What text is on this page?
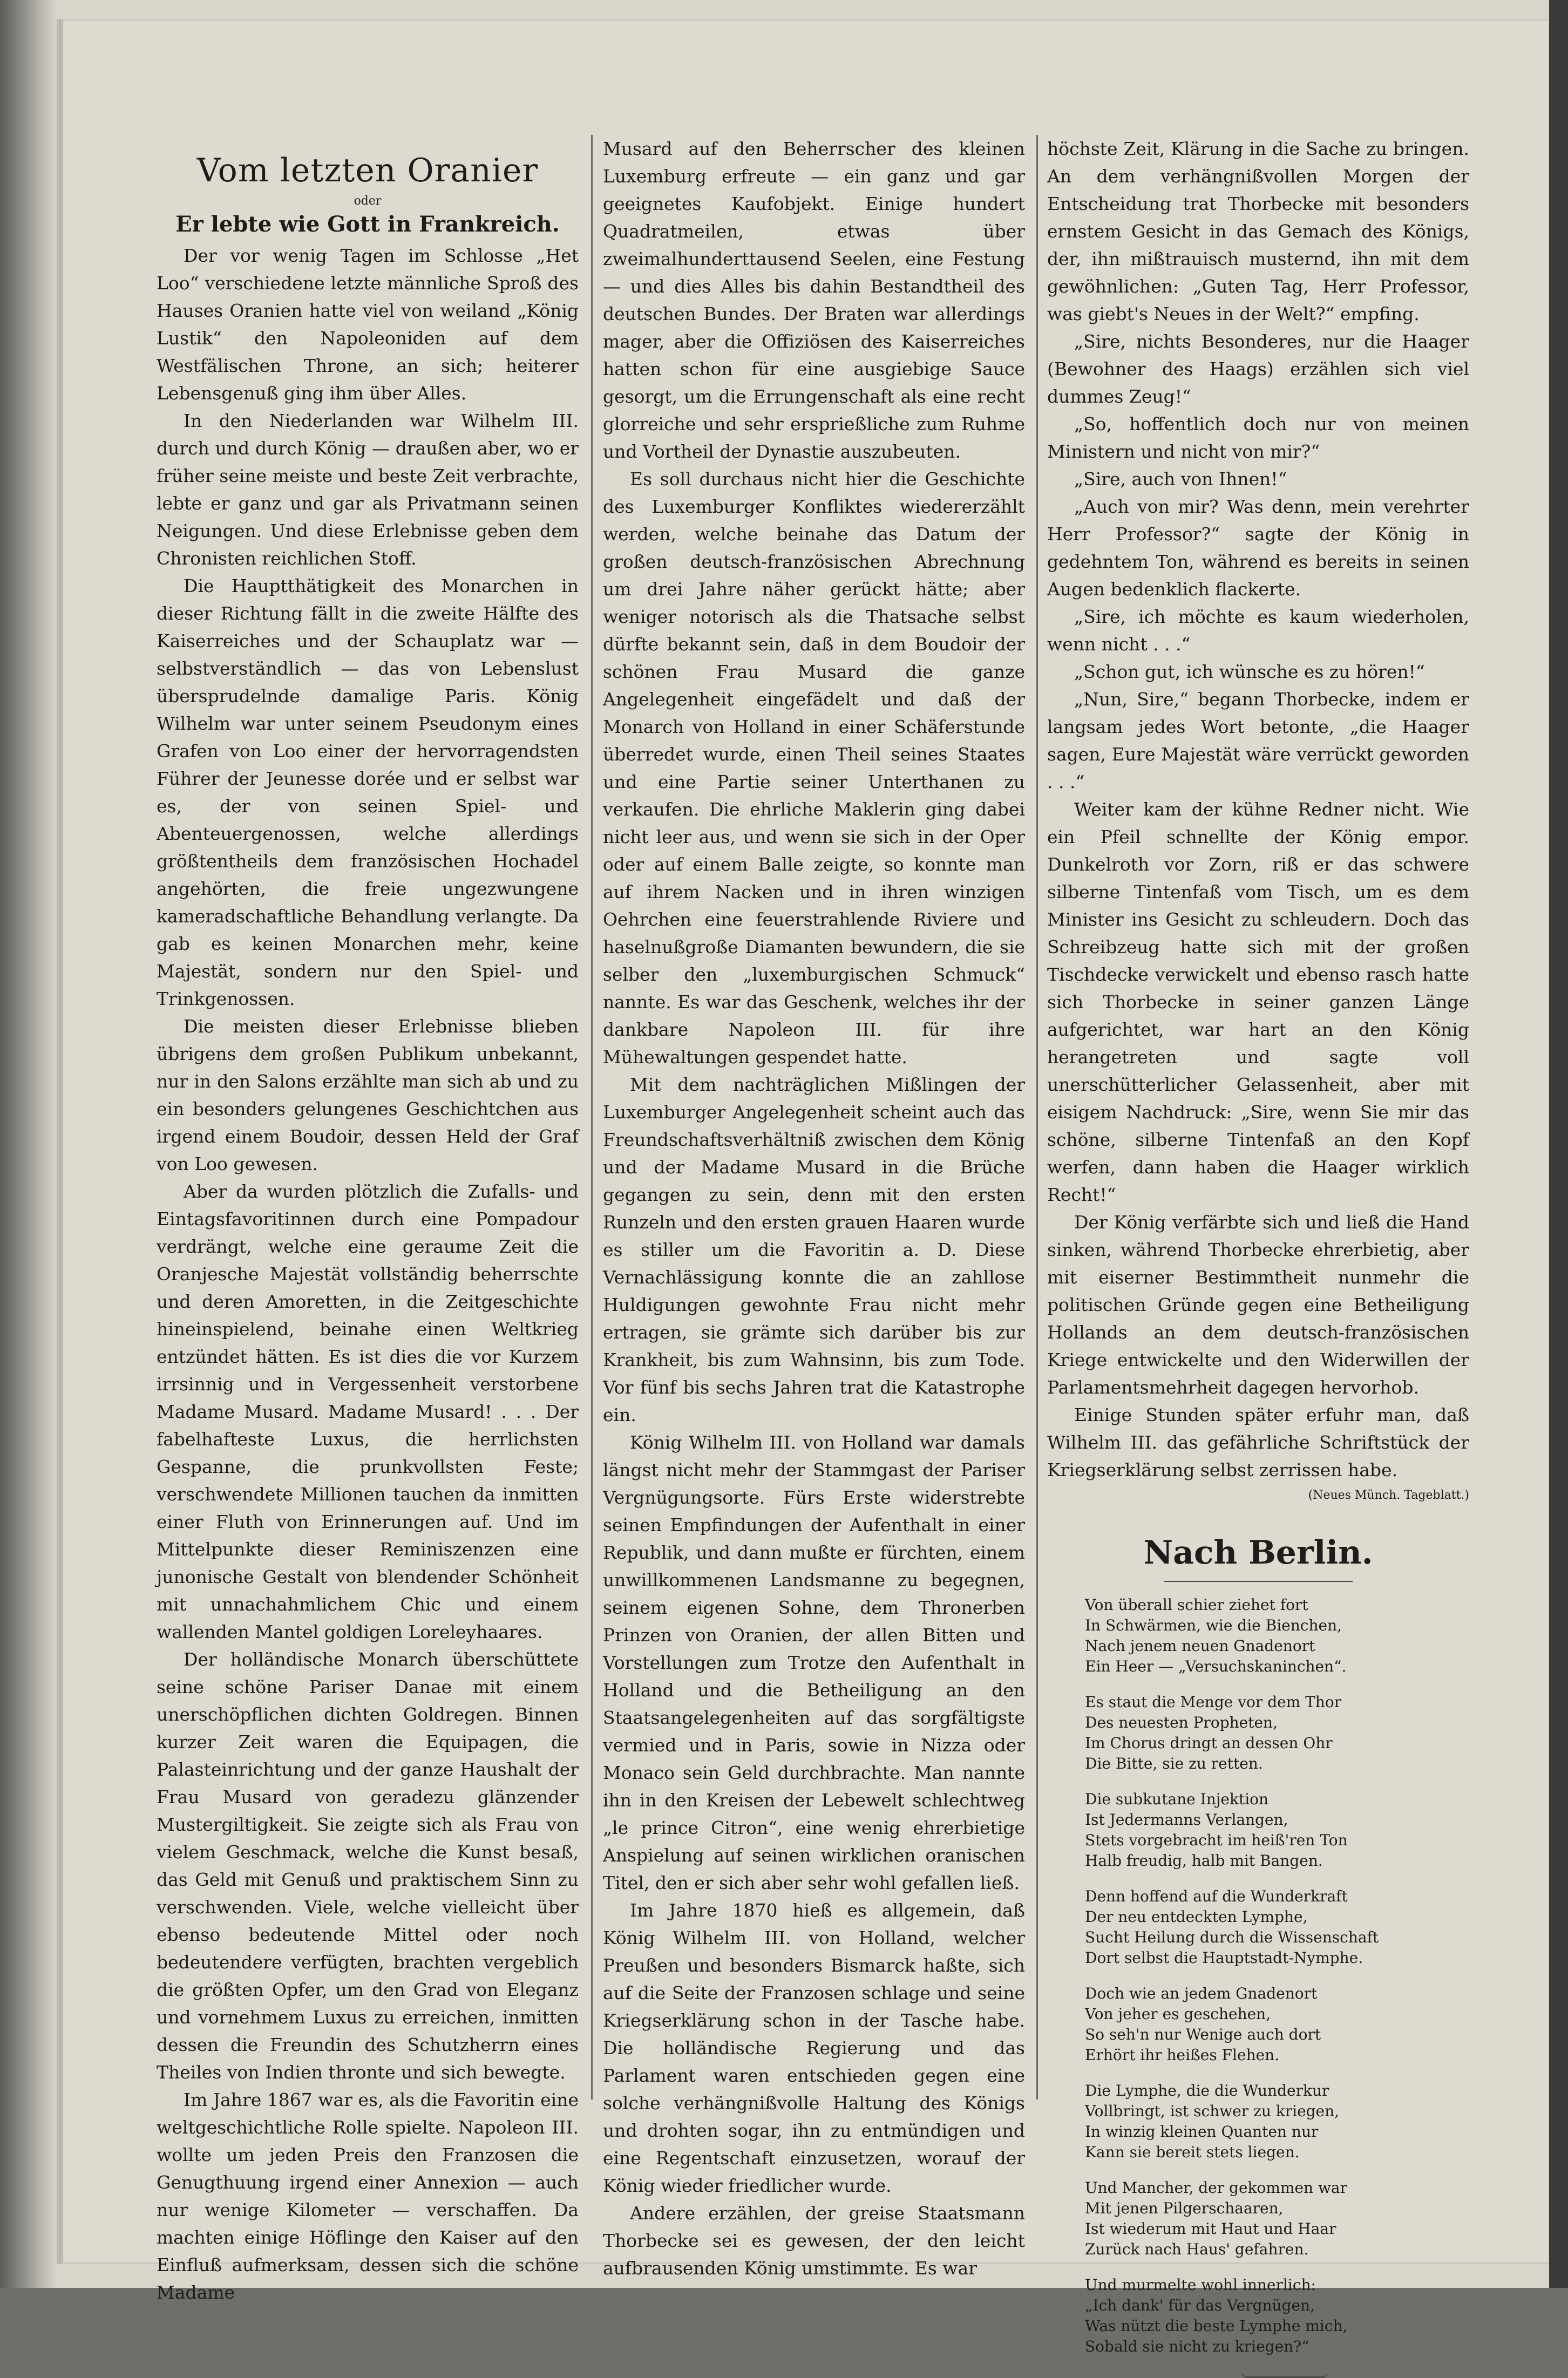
Vom letzten Oranier
oder
Er lebte wie Gott in Frankreich.

Der vor wenig Tagen im Schlosse „Het Loo“ verschiedene letzte männliche Sproß des Hauses Oranien hatte viel von weiland „König Lustik“ den Napoleoniden auf dem Westfälischen Throne, an sich; heiterer Lebensgenuß ging ihm über Alles.

In den Niederlanden war Wilhelm III. durch und durch König — draußen aber, wo er früher seine meiste und beste Zeit verbrachte, lebte er ganz und gar als Privatmann seinen Neigungen. Und diese Erlebnisse geben dem Chronisten reichlichen Stoff.

Die Hauptthätigkeit des Monarchen in dieser Richtung fällt in die zweite Hälfte des Kaiserreiches und der Schauplatz war — selbstverständlich — das von Lebenslust übersprudelnde damalige Paris. König Wilhelm war unter seinem Pseudonym eines Grafen von Loo einer der hervorragendsten Führer der Jeunesse dorée und er selbst war es, der von seinen Spiel- und Abenteuergenossen, welche allerdings größtentheils dem französischen Hochadel angehörten, die freie ungezwungene kameradschaftliche Behandlung verlangte. Da gab es keinen Monarchen mehr, keine Majestät, sondern nur den Spiel- und Trinkgenossen.

Die meisten dieser Erlebnisse blieben übrigens dem großen Publikum unbekannt, nur in den Salons erzählte man sich ab und zu ein besonders gelungenes Geschichtchen aus irgend einem Boudoir, dessen Held der Graf von Loo gewesen.

Aber da wurden plötzlich die Zufalls- und Eintagsfavoritinnen durch eine Pompadour verdrängt, welche eine geraume Zeit die Oranjesche Majestät vollständig beherrschte und deren Amoretten, in die Zeitgeschichte hineinspielend, beinahe einen Weltkrieg entzündet hätten. Es ist dies die vor Kurzem irrsinnig und in Vergessenheit verstorbene Madame Musard. Madame Musard! . . . Der fabelhafteste Luxus, die herrlichsten Gespanne, die prunkvollsten Feste; verschwendete Millionen tauchen da inmitten einer Fluth von Erinnerungen auf. Und im Mittelpunkte dieser Reminiszenzen eine junonische Gestalt von blendender Schönheit mit unnachahmlichem Chic und einem wallenden Mantel goldigen Loreleyhaares.

Der holländische Monarch überschüttete seine schöne Pariser Danae mit einem unerschöpflichen dichten Goldregen. Binnen kurzer Zeit waren die Equipagen, die Palasteinrichtung und der ganze Haushalt der Frau Musard von geradezu glänzender Mustergiltigkeit. Sie zeigte sich als Frau von vielem Geschmack, welche die Kunst besaß, das Geld mit Genuß und praktischem Sinn zu verschwenden. Viele, welche vielleicht über ebenso bedeutende Mittel oder noch bedeutendere verfügten, brachten vergeblich die größten Opfer, um den Grad von Eleganz und vornehmem Luxus zu erreichen, inmitten dessen die Freundin des Schutzherrn eines Theiles von Indien thronte und sich bewegte.

Im Jahre 1867 war es, als die Favoritin eine weltgeschichtliche Rolle spielte. Napoleon III. wollte um jeden Preis den Franzosen die Genugthuung irgend einer Annexion — auch nur wenige Kilometer — verschaffen. Da machten einige Höflinge den Kaiser auf den Einfluß aufmerksam, dessen sich die schöne Madame

Musard auf den Beherrscher des kleinen Luxemburg erfreute — ein ganz und gar geeignetes Kaufobjekt. Einige hundert Quadratmeilen, etwas über zweimalhunderttausend Seelen, eine Festung — und dies Alles bis dahin Bestandtheil des deutschen Bundes. Der Braten war allerdings mager, aber die Offiziösen des Kaiserreiches hatten schon für eine ausgiebige Sauce gesorgt, um die Errungenschaft als eine recht glorreiche und sehr ersprießliche zum Ruhme und Vortheil der Dynastie auszubeuten.

Es soll durchaus nicht hier die Geschichte des Luxemburger Konfliktes wiedererzählt werden, welche beinahe das Datum der großen deutsch-französischen Abrechnung um drei Jahre näher gerückt hätte; aber weniger notorisch als die Thatsache selbst dürfte bekannt sein, daß in dem Boudoir der schönen Frau Musard die ganze Angelegenheit eingefädelt und daß der Monarch von Holland in einer Schäferstunde überredet wurde, einen Theil seines Staates und eine Partie seiner Unterthanen zu verkaufen. Die ehrliche Maklerin ging dabei nicht leer aus, und wenn sie sich in der Oper oder auf einem Balle zeigte, so konnte man auf ihrem Nacken und in ihren winzigen Oehrchen eine feuerstrahlende Riviere und haselnußgroße Diamanten bewundern, die sie selber den „luxemburgischen Schmuck“ nannte. Es war das Geschenk, welches ihr der dankbare Napoleon III. für ihre Mühewaltungen gespendet hatte.

Mit dem nachträglichen Mißlingen der Luxemburger Angelegenheit scheint auch das Freundschaftsverhältniß zwischen dem König und der Madame Musard in die Brüche gegangen zu sein, denn mit den ersten Runzeln und den ersten grauen Haaren wurde es stiller um die Favoritin a. D. Diese Vernachlässigung konnte die an zahllose Huldigungen gewohnte Frau nicht mehr ertragen, sie grämte sich darüber bis zur Krankheit, bis zum Wahnsinn, bis zum Tode. Vor fünf bis sechs Jahren trat die Katastrophe ein.

König Wilhelm III. von Holland war damals längst nicht mehr der Stammgast der Pariser Vergnügungsorte. Fürs Erste widerstrebte seinen Empfindungen der Aufenthalt in einer Republik, und dann mußte er fürchten, einem unwillkommenen Landsmanne zu begegnen, seinem eigenen Sohne, dem Thronerben Prinzen von Oranien, der allen Bitten und Vorstellungen zum Trotze den Aufenthalt in Holland und die Betheiligung an den Staatsangelegenheiten auf das sorgfältigste vermied und in Paris, sowie in Nizza oder Monaco sein Geld durchbrachte. Man nannte ihn in den Kreisen der Lebewelt schlechtweg „le prince Citron“, eine wenig ehrerbietige Anspielung auf seinen wirklichen oranischen Titel, den er sich aber sehr wohl gefallen ließ.

Im Jahre 1870 hieß es allgemein, daß König Wilhelm III. von Holland, welcher Preußen und besonders Bismarck haßte, sich auf die Seite der Franzosen schlage und seine Kriegserklärung schon in der Tasche habe. Die holländische Regierung und das Parlament waren entschieden gegen eine solche verhängnißvolle Haltung des Königs und drohten sogar, ihn zu entmündigen und eine Regentschaft einzusetzen, worauf der König wieder friedlicher wurde.

Andere erzählen, der greise Staatsmann Thorbecke sei es gewesen, der den leicht aufbrausenden König umstimmte. Es war

höchste Zeit, Klärung in die Sache zu bringen. An dem verhängnißvollen Morgen der Entscheidung trat Thorbecke mit besonders ernstem Gesicht in das Gemach des Königs, der, ihn mißtrauisch musternd, ihn mit dem gewöhnlichen: „Guten Tag, Herr Professor, was giebt's Neues in der Welt?“ empfing.

„Sire, nichts Besonderes, nur die Haager (Bewohner des Haags) erzählen sich viel dummes Zeug!“

„So, hoffentlich doch nur von meinen Ministern und nicht von mir?“

„Sire, auch von Ihnen!“

„Auch von mir? Was denn, mein verehrter Herr Professor?“ sagte der König in gedehntem Ton, während es bereits in seinen Augen bedenklich flackerte.

„Sire, ich möchte es kaum wiederholen, wenn nicht . . .“

„Schon gut, ich wünsche es zu hören!“

„Nun, Sire,“ begann Thorbecke, indem er langsam jedes Wort betonte, „die Haager sagen, Eure Majestät wäre verrückt geworden . . .“

Weiter kam der kühne Redner nicht. Wie ein Pfeil schnellte der König empor. Dunkelroth vor Zorn, riß er das schwere silberne Tintenfaß vom Tisch, um es dem Minister ins Gesicht zu schleudern. Doch das Schreibzeug hatte sich mit der großen Tischdecke verwickelt und ebenso rasch hatte sich Thorbecke in seiner ganzen Länge aufgerichtet, war hart an den König herangetreten und sagte voll unerschütterlicher Gelassenheit, aber mit eisigem Nachdruck: „Sire, wenn Sie mir das schöne, silberne Tintenfaß an den Kopf werfen, dann haben die Haager wirklich Recht!“

Der König verfärbte sich und ließ die Hand sinken, während Thorbecke ehrerbietig, aber mit eiserner Bestimmtheit nunmehr die politischen Gründe gegen eine Betheiligung Hollands an dem deutsch-französischen Kriege entwickelte und den Widerwillen der Parlamentsmehrheit dagegen hervorhob.

Einige Stunden später erfuhr man, daß Wilhelm III. das gefährliche Schriftstück der Kriegserklärung selbst zerrissen habe.

(Neues Münch. Tageblatt.)
Nach Berlin.
Von überall schier ziehet fort
In Schwärmen, wie die Bienchen,
Nach jenem neuen Gnadenort
Ein Heer — „Versuchskaninchen“.
Es staut die Menge vor dem Thor
Des neuesten Propheten,
Im Chorus dringt an dessen Ohr
Die Bitte, sie zu retten.
Die subkutane Injektion
Ist Jedermanns Verlangen,
Stets vorgebracht im heiß'ren Ton
Halb freudig, halb mit Bangen.
Denn hoffend auf die Wunderkraft
Der neu entdeckten Lymphe,
Sucht Heilung durch die Wissenschaft
Dort selbst die Hauptstadt-Nymphe.
Doch wie an jedem Gnadenort
Von jeher es geschehen,
So seh'n nur Wenige auch dort
Erhört ihr heißes Flehen.
Die Lymphe, die die Wunderkur
Vollbringt, ist schwer zu kriegen,
In winzig kleinen Quanten nur
Kann sie bereit stets liegen.
Und Mancher, der gekommen war
Mit jenen Pilgerschaaren,
Ist wiederum mit Haut und Haar
Zurück nach Haus' gefahren.
Und murmelte wohl innerlich:
„Ich dank' für das Vergnügen,
Was nützt die beste Lymphe mich,
Sobald sie nicht zu kriegen?“
